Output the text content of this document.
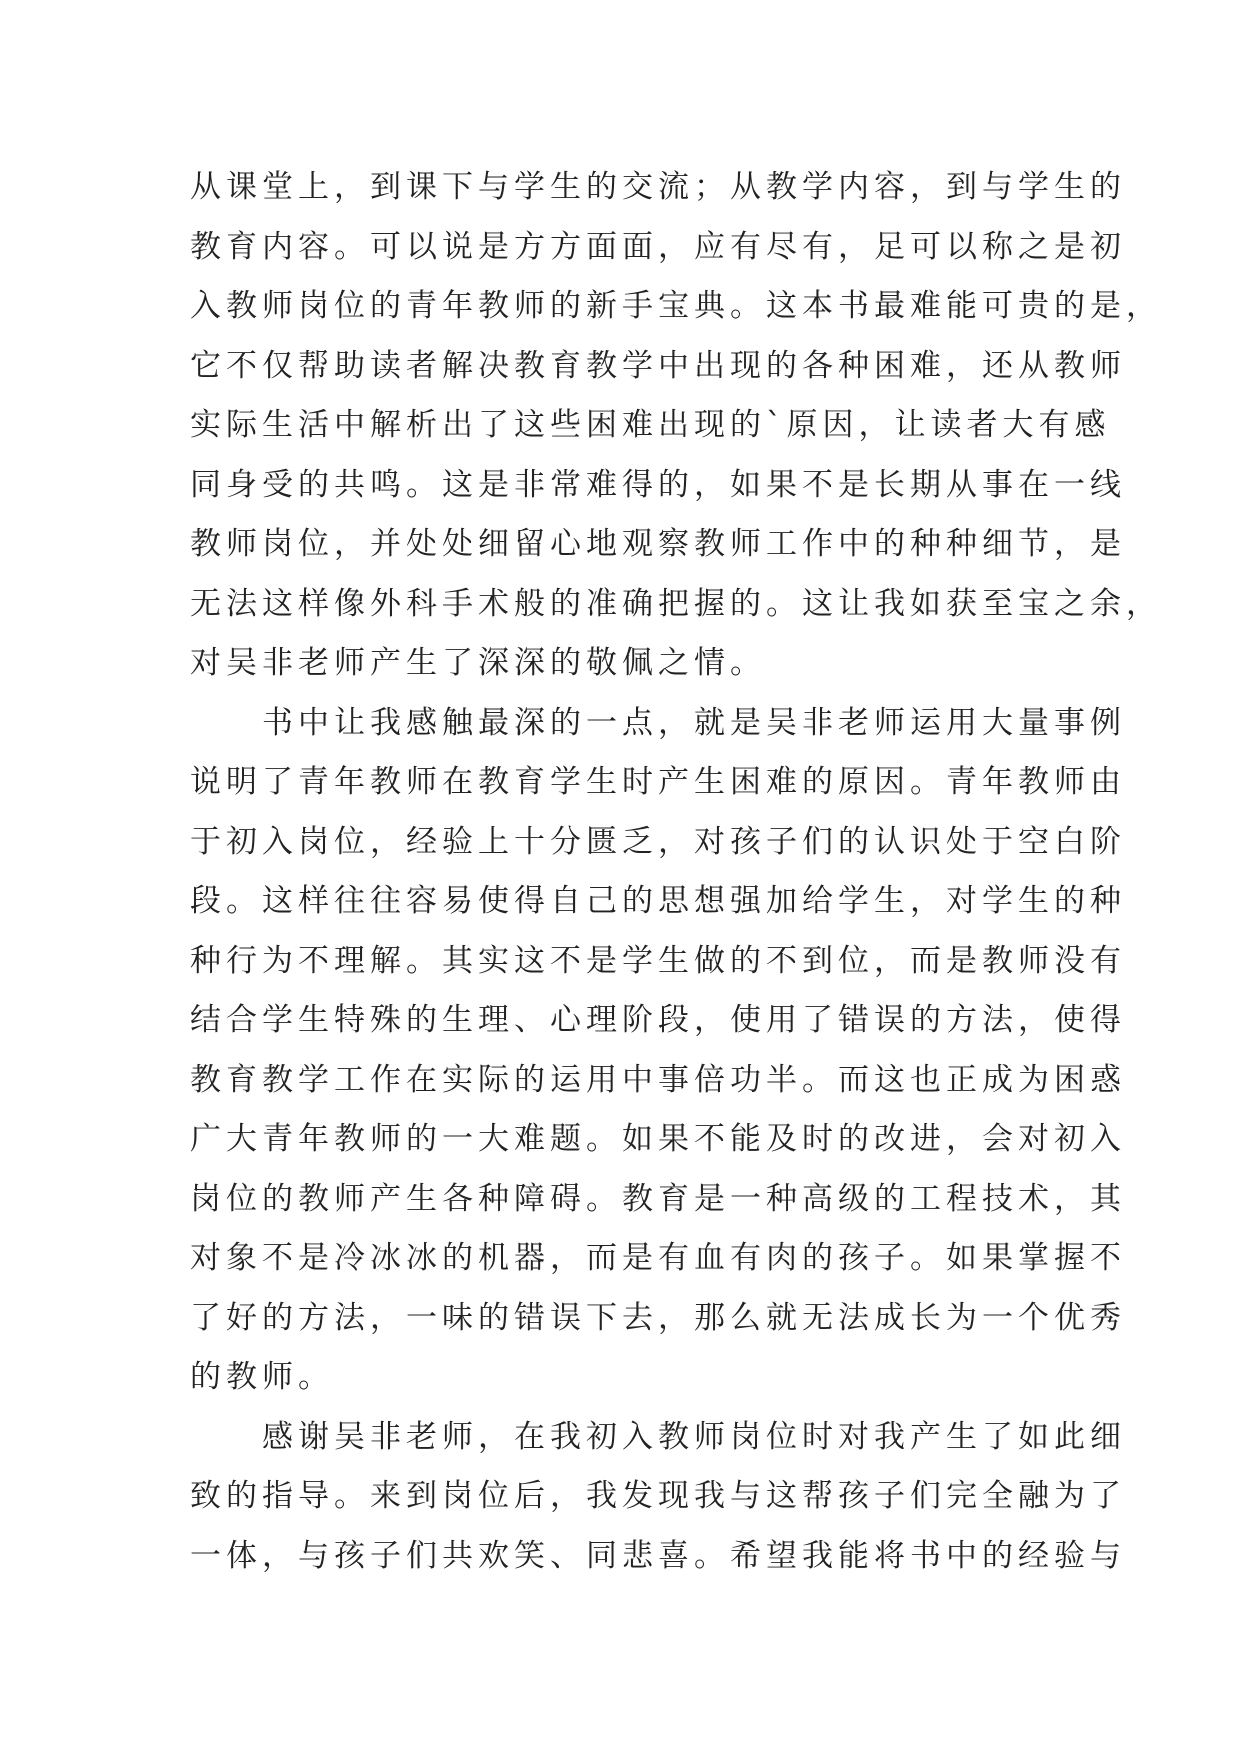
从课堂上，到课下与学生的交流；从教学内容，到与学生的
教育内容。可以说是方方面面，应有尽有，足可以称之是初
入教师岗位的青年教师的新手宝典。这本书最难能可贵的是，
它不仅帮助读者解决教育教学中出现的各种困难，还从教师
实际生活中解析出了这些困难出现的`原因，让读者大有感
同身受的共鸣。这是非常难得的，如果不是长期从事在一线
教师岗位，并处处细留心地观察教师工作中的种种细节，是
无法这样像外科手术般的准确把握的。这让我如获至宝之余，
对吴非老师产生了深深的敬佩之情。
　　书中让我感触最深的一点，就是吴非老师运用大量事例
说明了青年教师在教育学生时产生困难的原因。青年教师由
于初入岗位，经验上十分匮乏，对孩子们的认识处于空白阶
段。这样往往容易使得自己的思想强加给学生，对学生的种
种行为不理解。其实这不是学生做的不到位，而是教师没有
结合学生特殊的生理、心理阶段，使用了错误的方法，使得
教育教学工作在实际的运用中事倍功半。而这也正成为困惑
广大青年教师的一大难题。如果不能及时的改进，会对初入
岗位的教师产生各种障碍。教育是一种高级的工程技术，其
对象不是冷冰冰的机器，而是有血有肉的孩子。如果掌握不
了好的方法，一味的错误下去，那么就无法成长为一个优秀
的教师。
　　感谢吴非老师，在我初入教师岗位时对我产生了如此细
致的指导。来到岗位后，我发现我与这帮孩子们完全融为了
一体，与孩子们共欢笑、同悲喜。希望我能将书中的经验与
